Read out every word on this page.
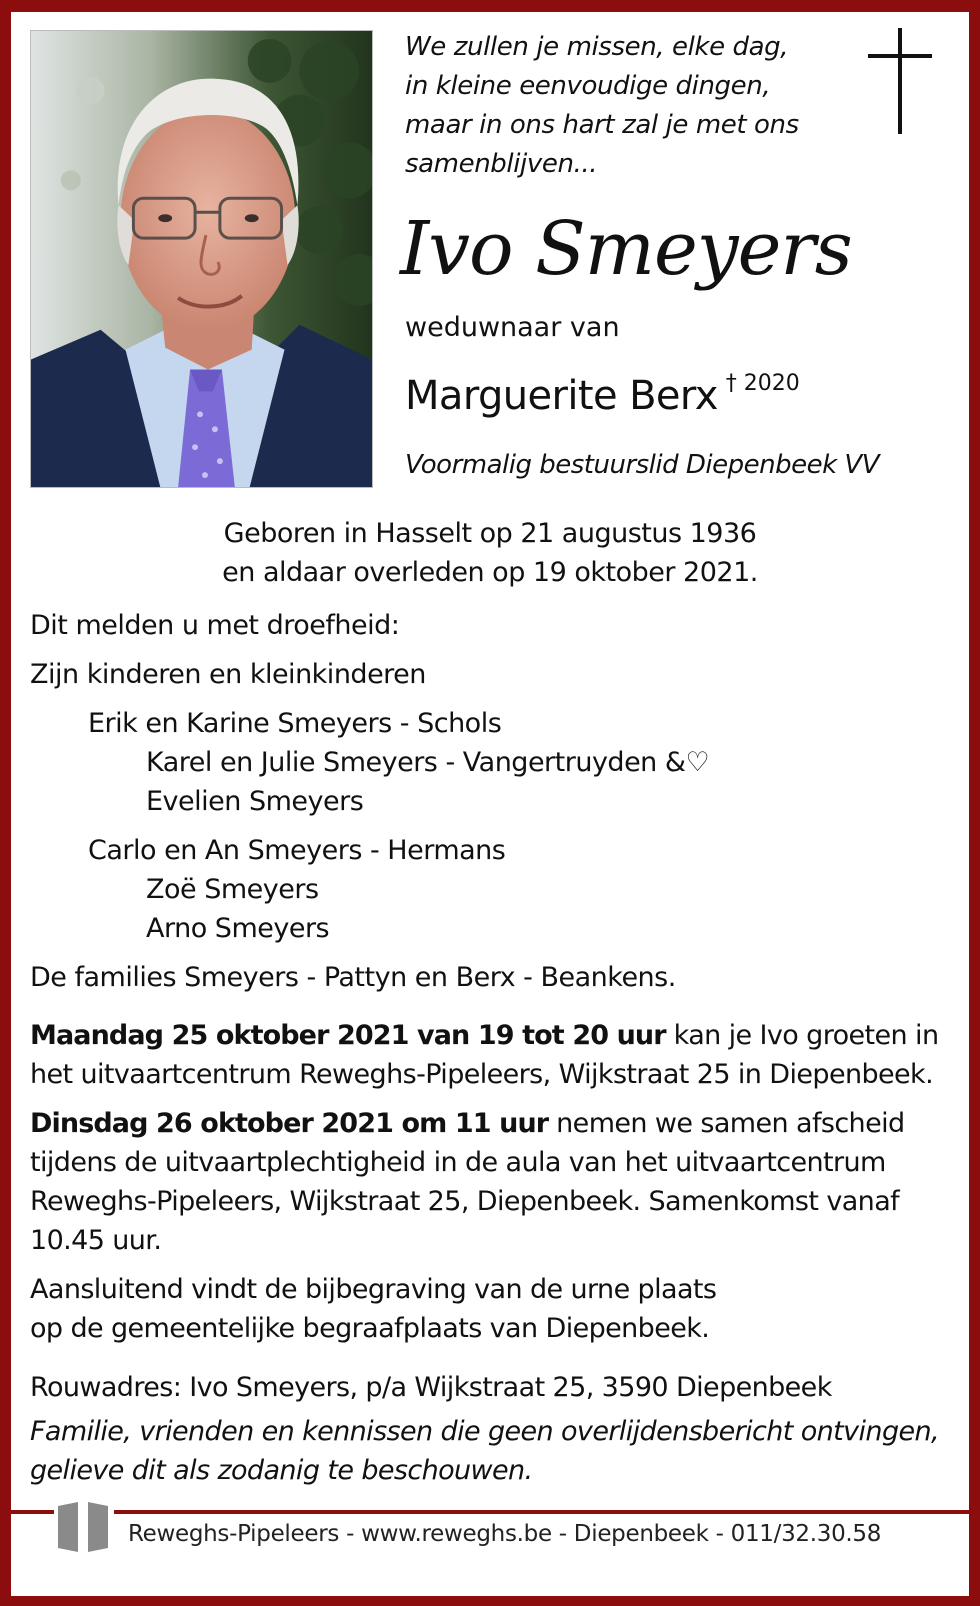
We zullen je missen, elke dag,
in kleine eenvoudige dingen,
maar in ons hart zal je met ons
samenblijven...
Ivo Smeyers
weduwnaar van
Marguerite Berx $^{\dagger 2020}$
Voormalig bestuurslid Diepenbeek VV
Geboren in Hasselt op 21 augustus 1936
en aldaar overleden op 19 oktober 2021.
Dit melden u met droefheid:
Zijn kinderen en kleinkinderen
Erik en Karine Smeyers - Schols
Karel en Julie Smeyers - Vangertruyden &♡
Evelien Smeyers
Carlo en An Smeyers - Hermans
Zoë Smeyers
Arno Smeyers
De families Smeyers - Pattyn en Berx - Beankens.
Maandag 25 oktober 2021 van 19 tot 20 uur kan je Ivo groeten in
het uitvaartcentrum Reweghs-Pipeleers, Wijkstraat 25 in Diepenbeek.
Dinsdag 26 oktober 2021 om 11 uur nemen we samen afscheid
tijdens de uitvaartplechtigheid in de aula van het uitvaartcentrum
Reweghs-Pipeleers, Wijkstraat 25, Diepenbeek. Samenkomst vanaf
10.45 uur.
Aansluitend vindt de bijbegraving van de urne plaats
op de gemeentelijke begraafplaats van Diepenbeek.
Rouwadres: Ivo Smeyers, p/a Wijkstraat 25, 3590 Diepenbeek
Familie, vrienden en kennissen die geen overlijdensbericht ontvingen,
gelieve dit als zodanig te beschouwen.
Reweghs-Pipeleers - www.reweghs.be - Diepenbeek - 011/32.30.58
